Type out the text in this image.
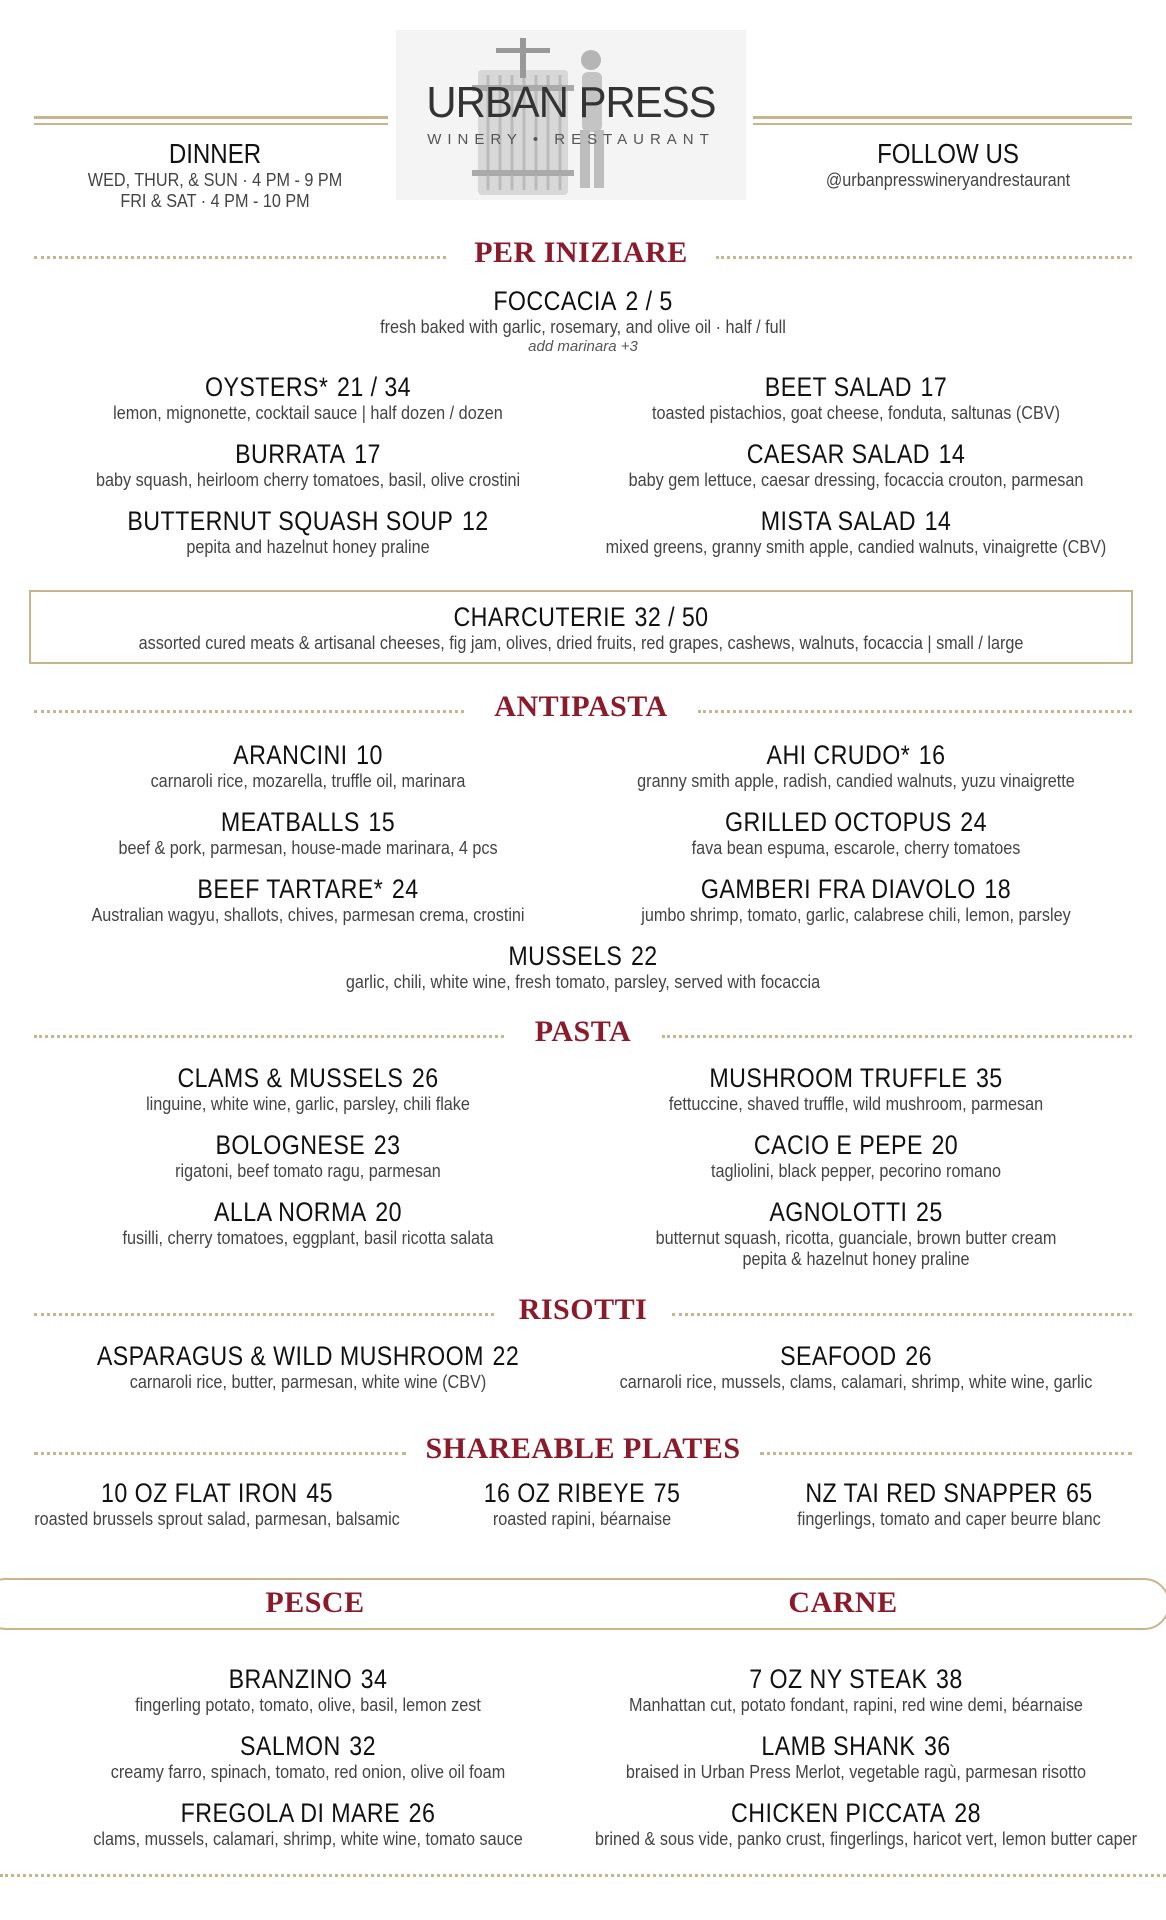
URBAN PRESS
WINERY • RESTAURANT
DINNER
WED, THUR, & SUN · 4 PM - 9 PM
FRI & SAT · 4 PM - 10 PM
FOLLOW US
@urbanpresswineryandrestaurant
PER INIZIARE
FOCCACIA 2 / 5
fresh baked with garlic, rosemary, and olive oil · half / full
add marinara +3
OYSTERS* 21 / 34
lemon, mignonette, cocktail sauce | half dozen / dozen
BEET SALAD 17
toasted pistachios, goat cheese, fonduta, saltunas (CBV)
BURRATA 17
baby squash, heirloom cherry tomatoes, basil, olive crostini
CAESAR SALAD 14
baby gem lettuce, caesar dressing, focaccia crouton, parmesan
BUTTERNUT SQUASH SOUP 12
pepita and hazelnut honey praline
MISTA SALAD 14
mixed greens, granny smith apple, candied walnuts, vinaigrette (CBV)
CHARCUTERIE 32 / 50
assorted cured meats & artisanal cheeses, fig jam, olives, dried fruits, red grapes, cashews, walnuts, focaccia | small / large
ANTIPASTA
ARANCINI 10
carnaroli rice, mozarella, truffle oil, marinara
AHI CRUDO* 16
granny smith apple, radish, candied walnuts, yuzu vinaigrette
MEATBALLS 15
beef & pork, parmesan, house-made marinara, 4 pcs
GRILLED OCTOPUS 24
fava bean espuma, escarole, cherry tomatoes
BEEF TARTARE* 24
Australian wagyu, shallots, chives, parmesan crema, crostini
GAMBERI FRA DIAVOLO 18
jumbo shrimp, tomato, garlic, calabrese chili, lemon, parsley
MUSSELS 22
garlic, chili, white wine, fresh tomato, parsley, served with focaccia
PASTA
CLAMS & MUSSELS 26
linguine, white wine, garlic, parsley, chili flake
MUSHROOM TRUFFLE 35
fettuccine, shaved truffle, wild mushroom, parmesan
BOLOGNESE 23
rigatoni, beef tomato ragu, parmesan
CACIO E PEPE 20
tagliolini, black pepper, pecorino romano
ALLA NORMA 20
fusilli, cherry tomatoes, eggplant, basil ricotta salata
AGNOLOTTI 25
butternut squash, ricotta, guanciale, brown butter cream
pepita & hazelnut honey praline
RISOTTI
ASPARAGUS & WILD MUSHROOM 22
carnaroli rice, butter, parmesan, white wine (CBV)
SEAFOOD 26
carnaroli rice, mussels, clams, calamari, shrimp, white wine, garlic
SHAREABLE PLATES
10 OZ FLAT IRON 45
roasted brussels sprout salad, parmesan, balsamic
16 OZ RIBEYE 75
roasted rapini, béarnaise
NZ TAI RED SNAPPER 65
fingerlings, tomato and caper beurre blanc
PESCE	CARNE
BRANZINO 34
fingerling potato, tomato, olive, basil, lemon zest
7 OZ NY STEAK 38
Manhattan cut, potato fondant, rapini, red wine demi, béarnaise
SALMON 32
creamy farro, spinach, tomato, red onion, olive oil foam
LAMB SHANK 36
braised in Urban Press Merlot, vegetable ragù, parmesan risotto
FREGOLA DI MARE 26
clams, mussels, calamari, shrimp, white wine, tomato sauce
CHICKEN PICCATA 28
brined & sous vide, panko crust, fingerlings, haricot vert, lemon butter caper
